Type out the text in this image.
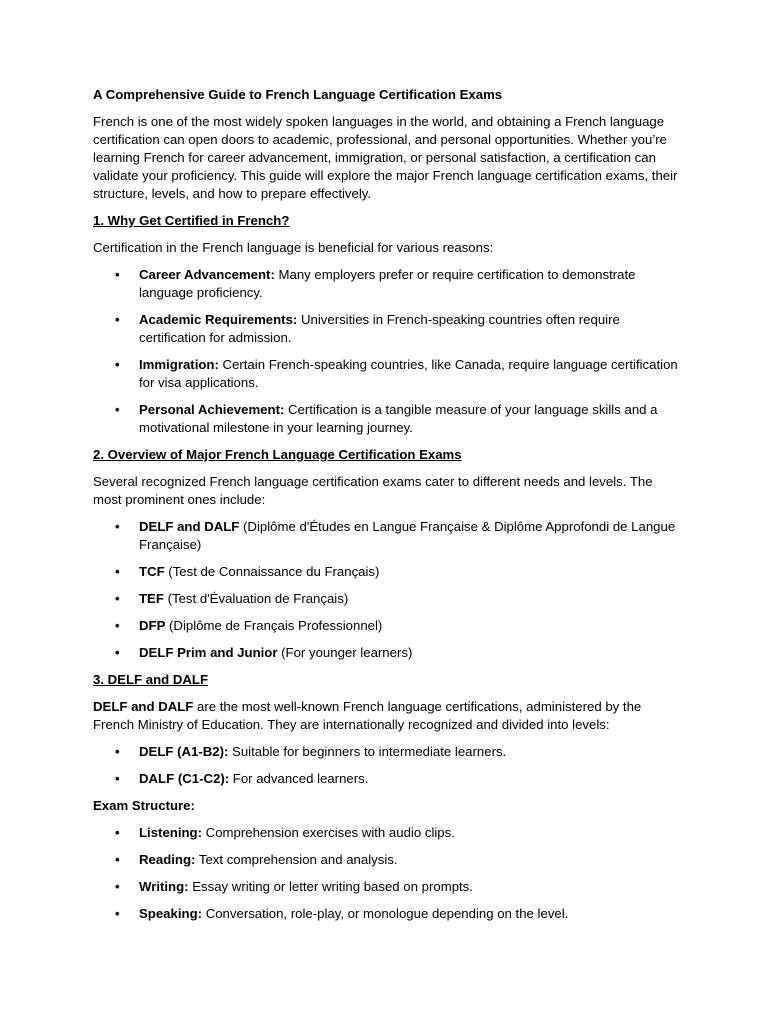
A Comprehensive Guide to French Language Certification Exams

French is one of the most widely spoken languages in the world, and obtaining a French language certification can open doors to academic, professional, and personal opportunities. Whether you’re learning French for career advancement, immigration, or personal satisfaction, a certification can validate your proficiency. This guide will explore the major French language certification exams, their structure, levels, and how to prepare effectively.

1. Why Get Certified in French?

Certification in the French language is beneficial for various reasons:

• Career Advancement: Many employers prefer or require certification to demonstrate language proficiency.
• Academic Requirements: Universities in French-speaking countries often require certification for admission.
• Immigration: Certain French-speaking countries, like Canada, require language certification for visa applications.
• Personal Achievement: Certification is a tangible measure of your language skills and a motivational milestone in your learning journey.
2. Overview of Major French Language Certification Exams

Several recognized French language certification exams cater to different needs and levels. The most prominent ones include:

• DELF and DALF (Diplôme d'Études en Langue Française & Diplôme Approfondi de Langue Française)
• TCF (Test de Connaissance du Français)
• TEF (Test d'Évaluation de Français)
• DFP (Diplôme de Français Professionnel)
• DELF Prim and Junior (For younger learners)
3. DELF and DALF

DELF and DALF are the most well-known French language certifications, administered by the French Ministry of Education. They are internationally recognized and divided into levels:

• DELF (A1-B2): Suitable for beginners to intermediate learners.
• DALF (C1-C2): For advanced learners.
Exam Structure:
• Listening: Comprehension exercises with audio clips.
• Reading: Text comprehension and analysis.
• Writing: Essay writing or letter writing based on prompts.
• Speaking: Conversation, role-play, or monologue depending on the level.
